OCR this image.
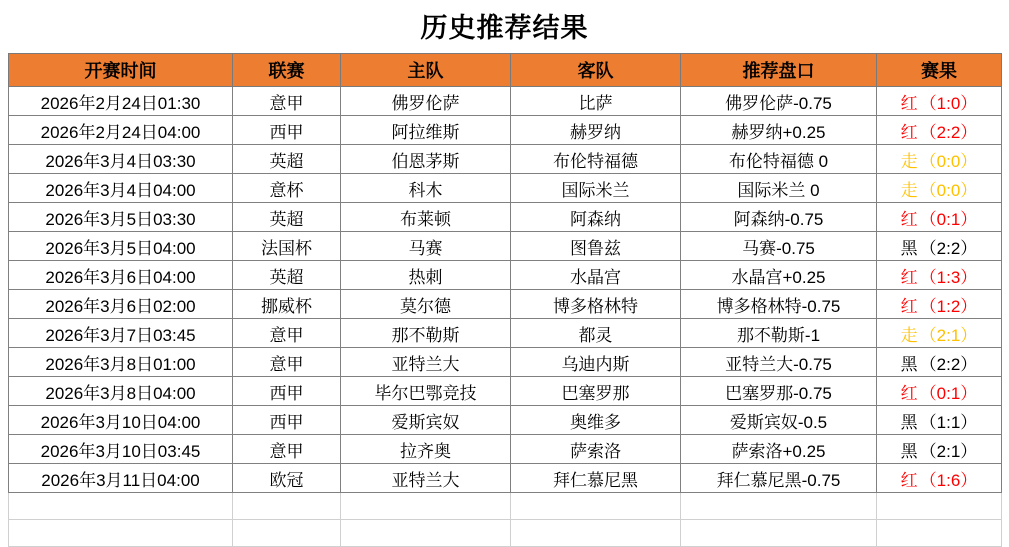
历史推荐结果
开赛时间	联赛	主队	客队	推荐盘口	赛果
2026年2月24日01:30	意甲	佛罗伦萨	比萨	佛罗伦萨-0.75	红 （1:0）
2026年2月24日04:00	西甲	阿拉维斯	赫罗纳	赫罗纳+0.25	红 （2:2）
2026年3月4日03:30	英超	伯恩茅斯	布伦特福德	布伦特福德 0	走 （0:0）
2026年3月4日04:00	意杯	科木	国际米兰	国际米兰 0	走 （0:0）
2026年3月5日03:30	英超	布莱顿	阿森纳	阿森纳-0.75	红 （0:1）
2026年3月5日04:00	法国杯	马赛	图鲁兹	马赛-0.75	黑 （2:2）
2026年3月6日04:00	英超	热刺	水晶宫	水晶宫+0.25	红 （1:3）
2026年3月6日02:00	挪威杯	莫尔德	博多格林特	博多格林特-0.75	红 （1:2）
2026年3月7日03:45	意甲	那不勒斯	都灵	那不勒斯-1	走 （2:1）
2026年3月8日01:00	意甲	亚特兰大	乌迪内斯	亚特兰大-0.75	黑 （2:2）
2026年3月8日04:00	西甲	毕尔巴鄂竞技	巴塞罗那	巴塞罗那-0.75	红 （0:1）
2026年3月10日04:00	西甲	爱斯宾奴	奥维多	爱斯宾奴-0.5	黑 （1:1）
2026年3月10日03:45	意甲	拉齐奥	萨索洛	萨索洛+0.25	黑 （2:1）
2026年3月11日04:00	欧冠	亚特兰大	拜仁慕尼黑	拜仁慕尼黑-0.75	红 （1:6）
